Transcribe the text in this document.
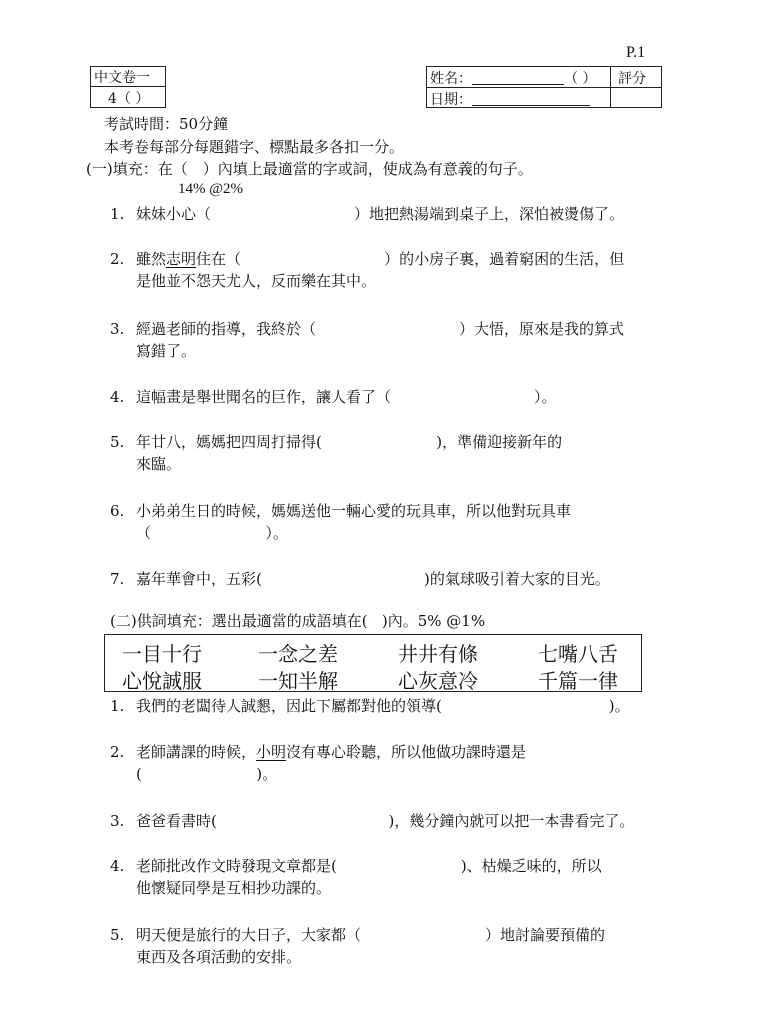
P.1
中文卷一
4（ ）
姓名：	（ ） 評分
日期：
考試時間：50分鐘
本考卷每部分每題錯字、標點最多各扣一分。
(一)填充：在（　）內填上最適當的字或詞，使成為有意義的句子。
14% @2%
1. 妹妹小心（                              ）地把熱湯端到桌子上，深怕被燙傷了。
2. 雖然志明住在（                              ）的小房子裏，過着窮困的生活，但
是他並不怨天尤人，反而樂在其中。
3. 經過老師的指導，我終於（                              ）大悟，原來是我的算式
寫錯了。
4. 這幅畫是舉世聞名的巨作，讓人看了（                              ）。
5. 年廿八，媽媽把四周打掃得(                        )，準備迎接新年的
來臨。
6. 小弟弟生日的時候，媽媽送他一輛心愛的玩具車，所以他對玩具車
（                        ）。
7. 嘉年華會中，五彩(                                  )的氣球吸引着大家的目光。
(二)供詞填充：選出最適當的成語填在(   )內。5% @1%
一目十行	一念之差	井井有條	七嘴八舌
心悅誠服	一知半解	心灰意冷	千篇一律
1. 我們的老闆待人誠懇，因此下屬都對他的領導(                                   )。
2. 老師講課的時候，小明沒有專心聆聽，所以他做功課時還是
(                        )。
3. 爸爸看書時(                                    )，幾分鐘內就可以把一本書看完了。
4. 老師批改作文時發現文章都是(                          )、枯燥乏味的，所以
他懷疑同學是互相抄功課的。
5. 明天便是旅行的大日子，大家都（                          ）地討論要預備的
東西及各項活動的安排。
